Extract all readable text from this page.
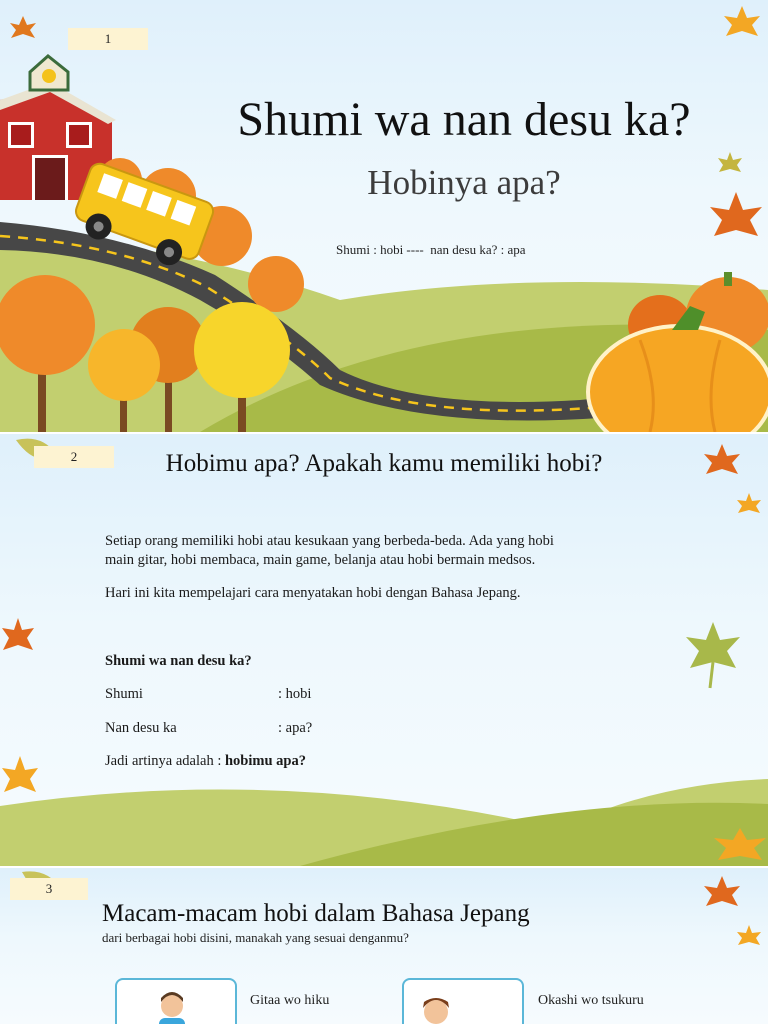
1
Shumi wa nan desu ka?
Hobinya apa?
Shumi : hobi ----  nan desu ka? : apa
2	Hobimu apa? Apakah kamu memiliki hobi?
Setiap orang memiliki hobi atau kesukaan yang berbeda-beda. Ada yang hobi
main gitar, hobi membaca, main game, belanja atau hobi bermain medsos.
Hari ini kita mempelajari cara menyatakan hobi dengan Bahasa Jepang.
Shumi wa nan desu ka?
Shumi	: hobi
Nan desu ka	: apa?
Jadi artinya adalah : hobimu apa?
3
Macam-macam hobi dalam Bahasa Jepang
dari berbagai hobi disini, manakah yang sesuai denganmu?
Gitaa wo hiku	Okashi wo tsukuru
